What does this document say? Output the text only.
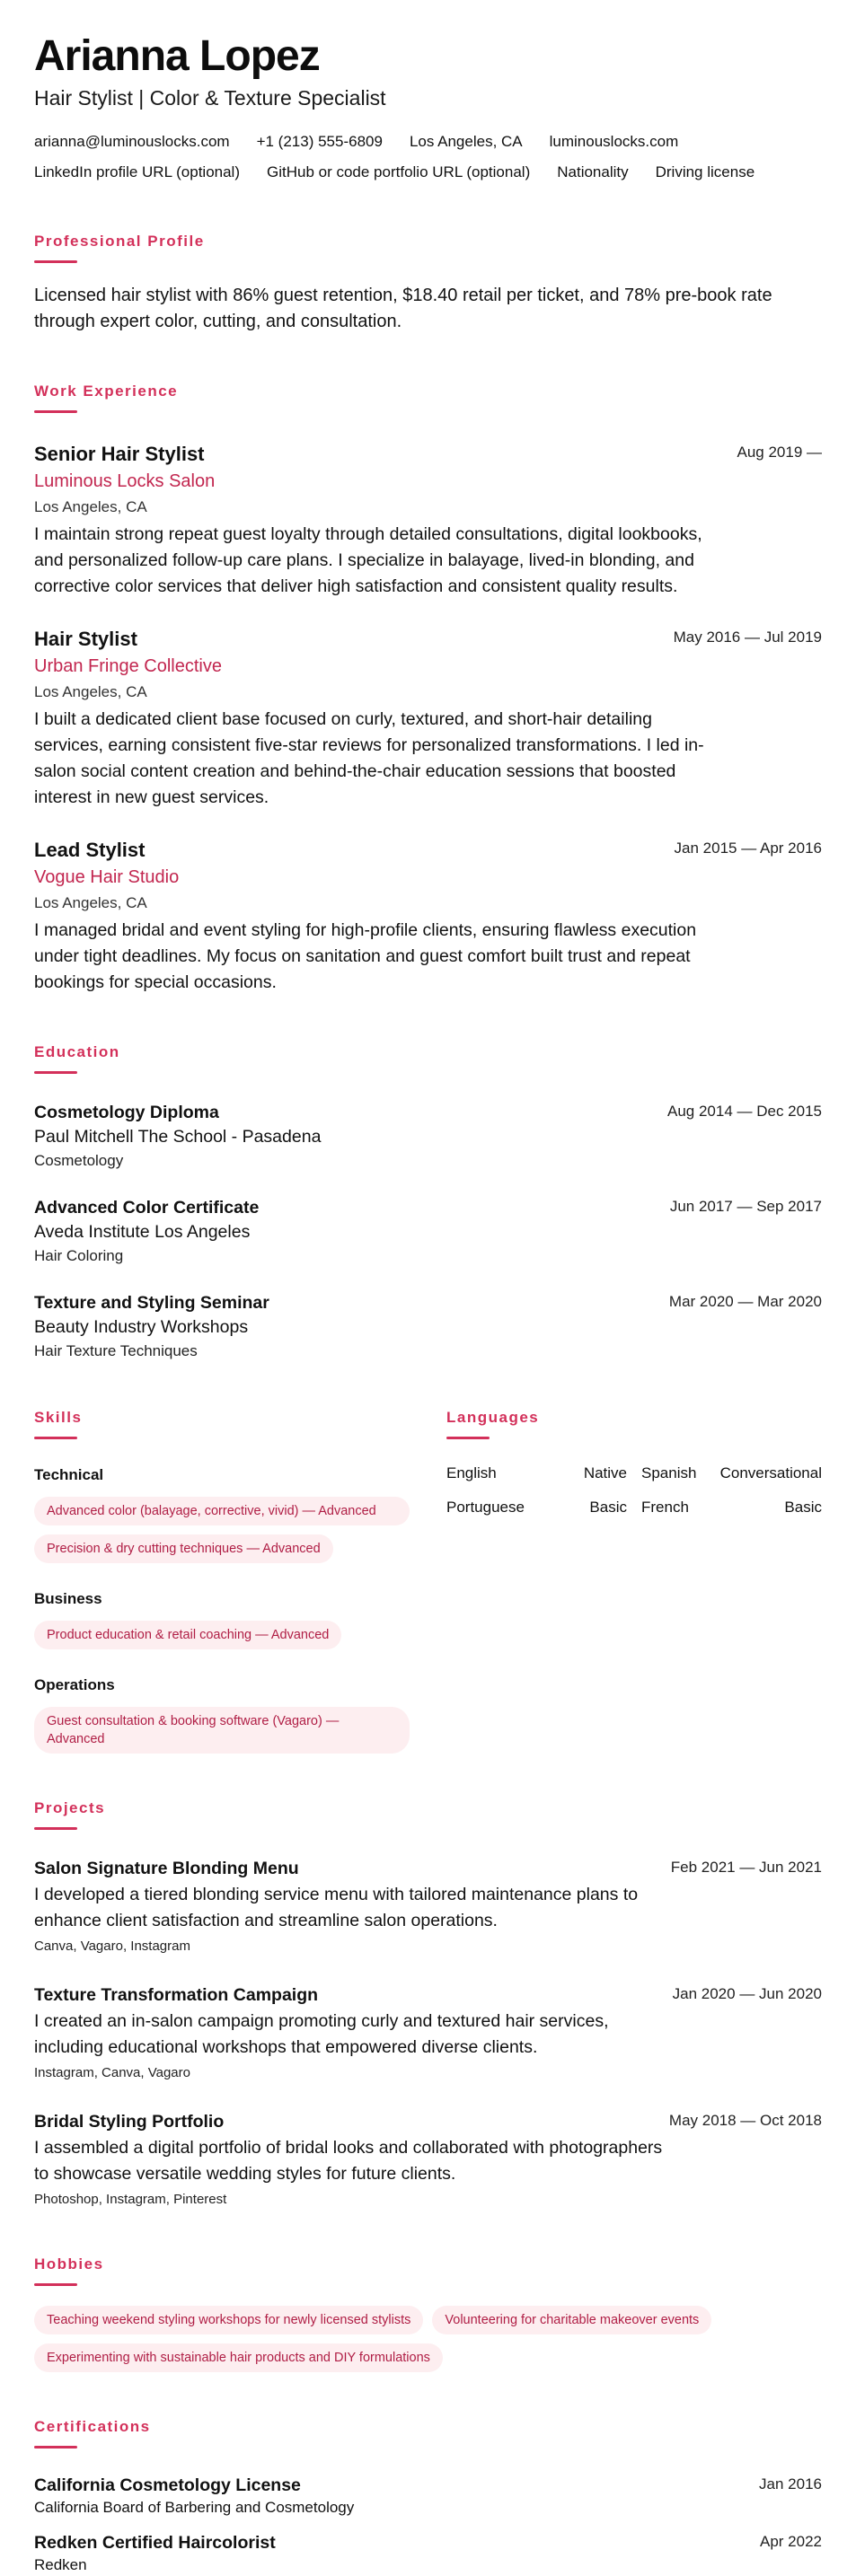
Arianna Lopez
Hair Stylist | Color & Texture Specialist
arianna@luminouslocks.com +1 (213) 555-6809 Los Angeles, CA luminouslocks.com
LinkedIn profile URL (optional) GitHub or code portfolio URL (optional) Nationality Driving license
Professional Profile

Licensed hair stylist with 86% guest retention, $18.40 retail per ticket, and 78% pre-book rate through expert color, cutting, and consultation.

Work Experience
Aug 2019 —
Senior Hair Stylist
Luminous Locks Salon
Los Angeles, CA

I maintain strong repeat guest loyalty through detailed consultations, digital lookbooks, and personalized follow-up care plans. I specialize in balayage, lived-in blonding, and corrective color services that deliver high satisfaction and consistent quality results.

May 2016 — Jul 2019
Hair Stylist
Urban Fringe Collective
Los Angeles, CA

I built a dedicated client base focused on curly, textured, and short-hair detailing services, earning consistent five-star reviews for personalized transformations. I led in-salon social content creation and behind-the-chair education sessions that boosted interest in new guest services.

Jan 2015 — Apr 2016
Lead Stylist
Vogue Hair Studio
Los Angeles, CA

I managed bridal and event styling for high-profile clients, ensuring flawless execution under tight deadlines. My focus on sanitation and guest comfort built trust and repeat bookings for special occasions.

Education
Aug 2014 — Dec 2015
Cosmetology Diploma
Paul Mitchell The School - Pasadena
Cosmetology
Jun 2017 — Sep 2017
Advanced Color Certificate
Aveda Institute Los Angeles
Hair Coloring
Mar 2020 — Mar 2020
Texture and Styling Seminar
Beauty Industry Workshops
Hair Texture Techniques
Skills
Technical
Advanced color (balayage, corrective, vivid) — Advanced
Precision & dry cutting techniques — Advanced
Business
Product education & retail coaching — Advanced
Operations
Guest consultation & booking software (Vagaro) — Advanced
Languages
English	Native Spanish Conversational
Portuguese	Basic French	Basic
Projects
Feb 2021 — Jun 2021
Salon Signature Blonding Menu

I developed a tiered blonding service menu with tailored maintenance plans to enhance client satisfaction and streamline salon operations.

Canva, Vagaro, Instagram
Jan 2020 — Jun 2020
Texture Transformation Campaign

I created an in-salon campaign promoting curly and textured hair services, including educational workshops that empowered diverse clients.

Instagram, Canva, Vagaro
May 2018 — Oct 2018
Bridal Styling Portfolio

I assembled a digital portfolio of bridal looks and collaborated with photographers to showcase versatile wedding styles for future clients.

Photoshop, Instagram, Pinterest
Hobbies
Teaching weekend styling workshops for newly licensed stylists	Volunteering for charitable makeover events
Experimenting with sustainable hair products and DIY formulations
Certifications
Jan 2016
California Cosmetology License
California Board of Barbering and Cosmetology
Apr 2022
Redken Certified Haircolorist
Redken
